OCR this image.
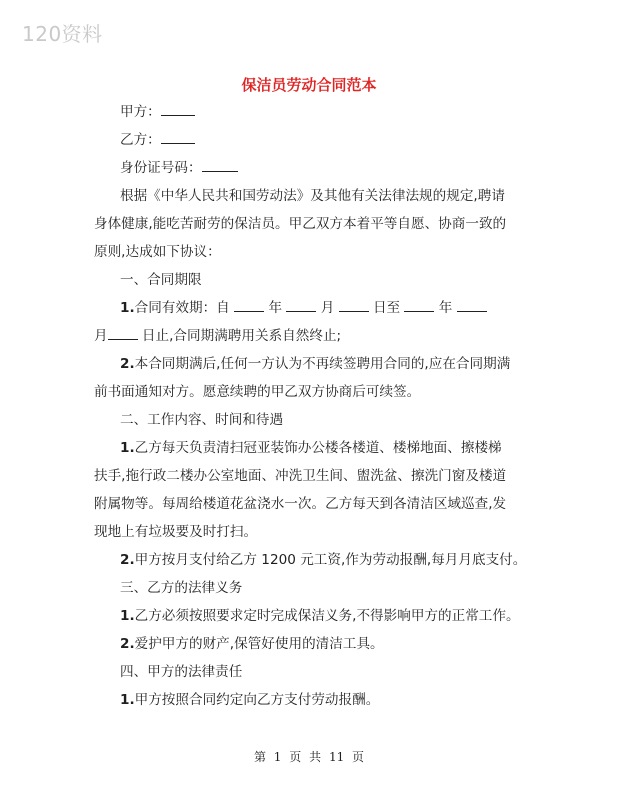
120资料
保洁员劳动合同范本
甲方：
乙方：
身份证号码：
根据《中华人民共和国劳动法》及其他有关法律法规的规定,聘请
身体健康,能吃苦耐劳的保洁员。甲乙双方本着平等自愿、协商一致的
原则,达成如下协议：
一、合同期限
1.合同有效期：自	年	月	日至	年
月	日止,合同期满聘用关系自然终止;
2.本合同期满后,任何一方认为不再续签聘用合同的,应在合同期满
前书面通知对方。愿意续聘的甲乙双方协商后可续签。
二、工作内容、时间和待遇
1.乙方每天负责清扫冠亚装饰办公楼各楼道、楼梯地面、擦楼梯
扶手,拖行政二楼办公室地面、冲洗卫生间、盥洗盆、擦洗门窗及楼道
附属物等。每周给楼道花盆浇水一次。乙方每天到各清洁区域巡查,发
现地上有垃圾要及时打扫。
2.甲方按月支付给乙方 1200 元工资,作为劳动报酬,每月月底支付。
三、乙方的法律义务
1.乙方必须按照要求定时完成保洁义务,不得影响甲方的正常工作。
2.爱护甲方的财产,保管好使用的清洁工具。
四、甲方的法律责任
1.甲方按照合同约定向乙方支付劳动报酬。
第 1 页 共 11 页
